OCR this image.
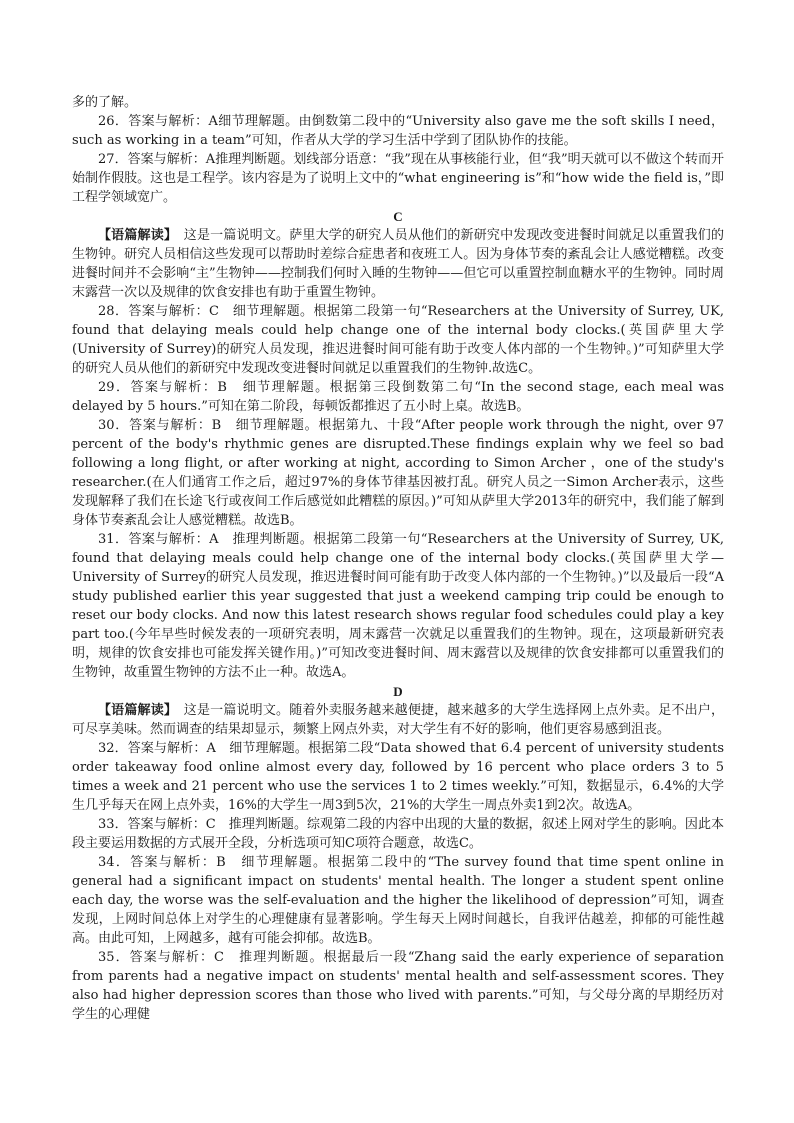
多的了解。

26．答案与解析：A细节理解题。由倒数第二段中的“University also gave me the soft skills I need，such as working in a team”可知，作者从大学的学习生活中学到了团队协作的技能。

27．答案与解析：A推理判断题。划线部分语意：“我”现在从事核能行业，但“我”明天就可以不做这个转而开始制作假肢。这也是工程学。该内容是为了说明上文中的“what engineering is”和“how wide the field is，”即工程学领域宽广。

C

【语篇解读】　 这是一篇说明文。萨里大学的研究人员从他们的新研究中发现改变进餐时间就足以重置我们的生物钟。研究人员相信这些发现可以帮助时差综合症患者和夜班工人。因为身体节奏的紊乱会让人感觉糟糕。改变进餐时间并不会影响“主”生物钟——控制我们何时入睡的生物钟——但它可以重置控制血糖水平的生物钟。同时周末露营一次以及规律的饮食安排也有助于重置生物钟。

28．答案与解析：C　细节理解题。根据第二段第一句“Researchers at the University of Surrey, UK, found that delaying meals could help change one of the internal body clocks.(英国萨里大学(University of Surrey)的研究人员发现，推迟进餐时间可能有助于改变人体内部的一个生物钟。)”可知萨里大学的研究人员从他们的新研究中发现改变进餐时间就足以重置我们的生物钟.故选C。

29．答案与解析：B　细节理解题。根据第三段倒数第二句“In the second stage, each meal was delayed by 5 hours.”可知在第二阶段，每顿饭都推迟了五小时上桌。故选B。

30．答案与解析：B　细节理解题。根据第九、十段“After people work through the night, over 97 percent of the body's rhythmic genes are disrupted.These findings explain why we feel so bad following a long flight, or after working at night, according to Simon Archer ，one of the study's researcher.(在人们通宵工作之后，超过97%的身体节律基因被打乱。研究人员之一Simon Archer表示，这些发现解释了我们在长途飞行或夜间工作后感觉如此糟糕的原因。)”可知从萨里大学2013年的研究中，我们能了解到身体节奏紊乱会让人感觉糟糕。故选B。

31．答案与解析：A　推理判断题。根据第二段第一句“Researchers at the University of Surrey, UK, found that delaying meals could help change one of the internal body clocks.(英国萨里大学—University of Surrey的研究人员发现，推迟进餐时间可能有助于改变人体内部的一个生物钟。)”以及最后一段“A study published earlier this year suggested that just a weekend camping trip could be enough to reset our body clocks. And now this latest research shows regular food schedules could play a key part too.(今年早些时候发表的一项研究表明，周末露营一次就足以重置我们的生物钟。现在，这项最新研究表明，规律的饮食安排也可能发挥关键作用。)”可知改变进餐时间、周末露营以及规律的饮食安排都可以重置我们的生物钟，故重置生物钟的方法不止一种。故选A。

D

【语篇解读】　 这是一篇说明文。随着外卖服务越来越便捷，越来越多的大学生选择网上点外卖。足不出户，可尽享美味。然而调查的结果却显示，频繁上网点外卖，对大学生有不好的影响，他们更容易感到沮丧。

32．答案与解析：A　细节理解题。根据第二段“Data showed that 6.4 percent of university students order takeaway food online almost every day, followed by 16 percent who place orders 3 to 5 times a week and 21 percent who use the services 1 to 2 times weekly.”可知，数据显示，6.4%的大学生几乎每天在网上点外卖，16%的大学生一周3到5次，21%的大学生一周点外卖1到2次。故选A。

33．答案与解析：C　推理判断题。综观第二段的内容中出现的大量的数据，叙述上网对学生的影响。因此本段主要运用数据的方式展开全段，分析选项可知C项符合题意，故选C。

34．答案与解析：B　细节理解题。根据第二段中的“The survey found that time spent online in general had a significant impact on students' mental health. The longer a student spent online each day, the worse was the self-evaluation and the higher the likelihood of depression”可知，调查发现，上网时间总体上对学生的心理健康有显著影响。学生每天上网时间越长，自我评估越差，抑郁的可能性越高。由此可知，上网越多，越有可能会抑郁。故选B。

35．答案与解析：C　推理判断题。根据最后一段“Zhang said the early experience of separation from parents had a negative impact on students' mental health and self-assessment scores. They also had higher depression scores than those who lived with parents.”可知，与父母分离的早期经历对学生的心理健
